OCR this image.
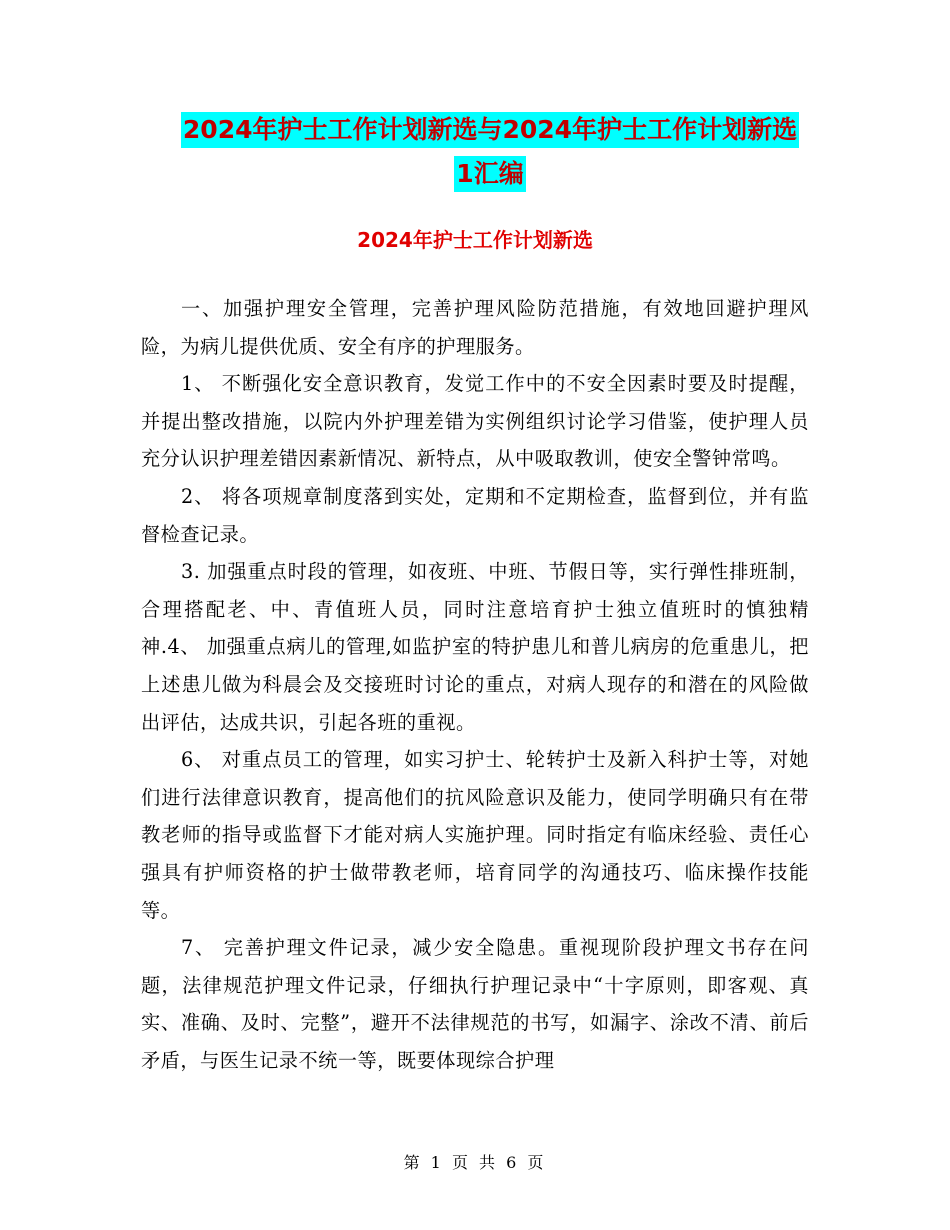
2024年护士工作计划新选与2024年护士工作计划新选
1汇编
2024年护士工作计划新选

一、加强护理安全管理，完善护理风险防范措施，有效地回避护理风险，为病儿提供优质、安全有序的护理服务。

1、 不断强化安全意识教育，发觉工作中的不安全因素时要及时提醒，并提出整改措施，以院内外护理差错为实例组织讨论学习借鉴，使护理人员充分认识护理差错因素新情况、新特点，从中吸取教训，使安全警钟常鸣。

2、 将各项规章制度落到实处，定期和不定期检查，监督到位，并有监督检查记录。

3. 加强重点时段的管理，如夜班、中班、节假日等，实行弹性排班制，合理搭配老、中、青值班人员，同时注意培育护士独立值班时的慎独精神.4、 加强重点病儿的管理,如监护室的特护患儿和普儿病房的危重患儿，把上述患儿做为科晨会及交接班时讨论的重点，对病人现存的和潜在的风险做出评估，达成共识，引起各班的重视。

6、 对重点员工的管理，如实习护士、轮转护士及新入科护士等，对她们进行法律意识教育，提高他们的抗风险意识及能力，使同学明确只有在带教老师的指导或监督下才能对病人实施护理。同时指定有临床经验、责任心强具有护师资格的护士做带教老师，培育同学的沟通技巧、临床操作技能等。

7、 完善护理文件记录，减少安全隐患。重视现阶段护理文书存在问题，法律规范护理文件记录，仔细执行护理记录中“十字原则，即客观、真实、准确、及时、完整”，避开不法律规范的书写，如漏字、涂改不清、前后矛盾，与医生记录不统一等，既要体现综合护理

第 1 页 共 6 页
